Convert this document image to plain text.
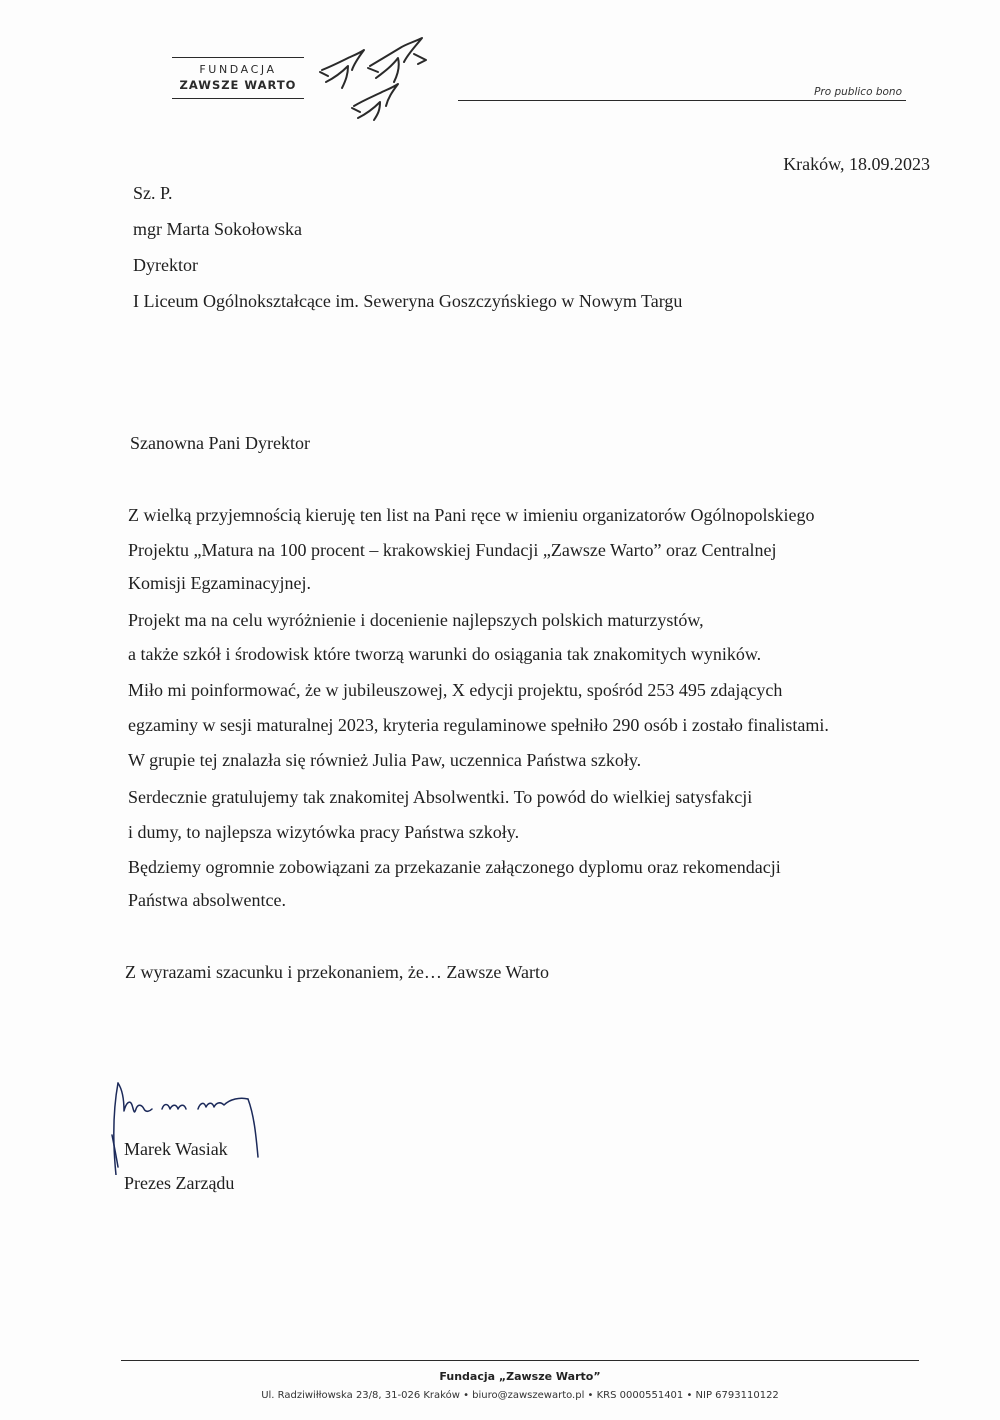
FUNDACJA
ZAWSZE WARTO	Pro publico bono
Kraków, 18.09.2023
Sz. P.
mgr Marta Sokołowska
Dyrektor
I Liceum Ogólnokształcące im. Seweryna Goszczyńskiego w Nowym Targu
Szanowna Pani Dyrektor
Z wielką przyjemnością kieruję ten list na Pani ręce w imieniu organizatorów Ogólnopolskiego
Projektu „Matura na 100 procent – krakowskiej Fundacji „Zawsze Warto” oraz Centralnej
Komisji Egzaminacyjnej.
Projekt ma na celu wyróżnienie i docenienie najlepszych polskich maturzystów,
a także szkół i środowisk które tworzą warunki do osiągania tak znakomitych wyników.
Miło mi poinformować, że w jubileuszowej, X edycji projektu, spośród 253 495 zdających
egzaminy w sesji maturalnej 2023, kryteria regulaminowe spełniło 290 osób i zostało finalistami.
W grupie tej znalazła się również Julia Paw, uczennica Państwa szkoły.
Serdecznie gratulujemy tak znakomitej Absolwentki. To powód do wielkiej satysfakcji
i dumy, to najlepsza wizytówka pracy Państwa szkoły.
Będziemy ogromnie zobowiązani za przekazanie załączonego dyplomu oraz rekomendacji
Państwa absolwentce.
Z wyrazami szacunku i przekonaniem, że… Zawsze Warto
Marek Wasiak
Prezes Zarządu
Fundacja „Zawsze Warto”
Ul. Radziwiłłowska 23/8, 31-026 Kraków • biuro@zawszewarto.pl • KRS 0000551401 • NIP 6793110122
